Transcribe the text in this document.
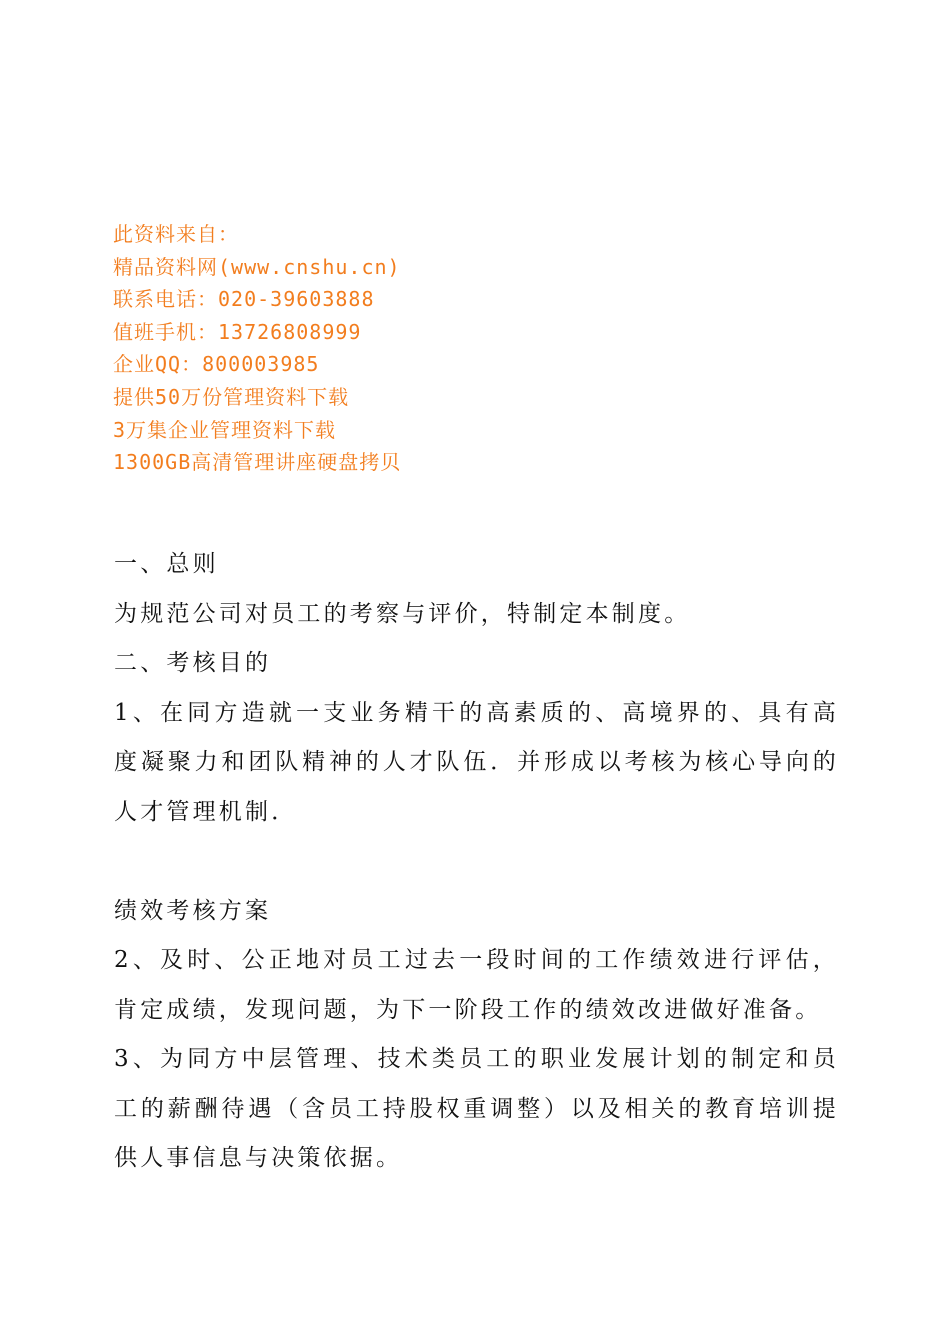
此资料来自：
精品资料网(www.cnshu.cn)
联系电话：020-39603888
值班手机：13726808999
企业QQ：800003985
提供50万份管理资料下载
3万集企业管理资料下载
1300GB高清管理讲座硬盘拷贝

一、总则

为规范公司对员工的考察与评价，特制定本制度。

二、考核目的

1、在同方造就一支业务精干的高素质的、高境界的、具有高度凝聚力和团队精神的人才队伍．并形成以考核为核心导向的人才管理机制．

绩效考核方案

2、及时、公正地对员工过去一段时间的工作绩效进行评估，肯定成绩，发现问题，为下一阶段工作的绩效改进做好准备。

3、为同方中层管理、技术类员工的职业发展计划的制定和员工的薪酬待遇（含员工持股权重调整）以及相关的教育培训提供人事信息与决策依据。
